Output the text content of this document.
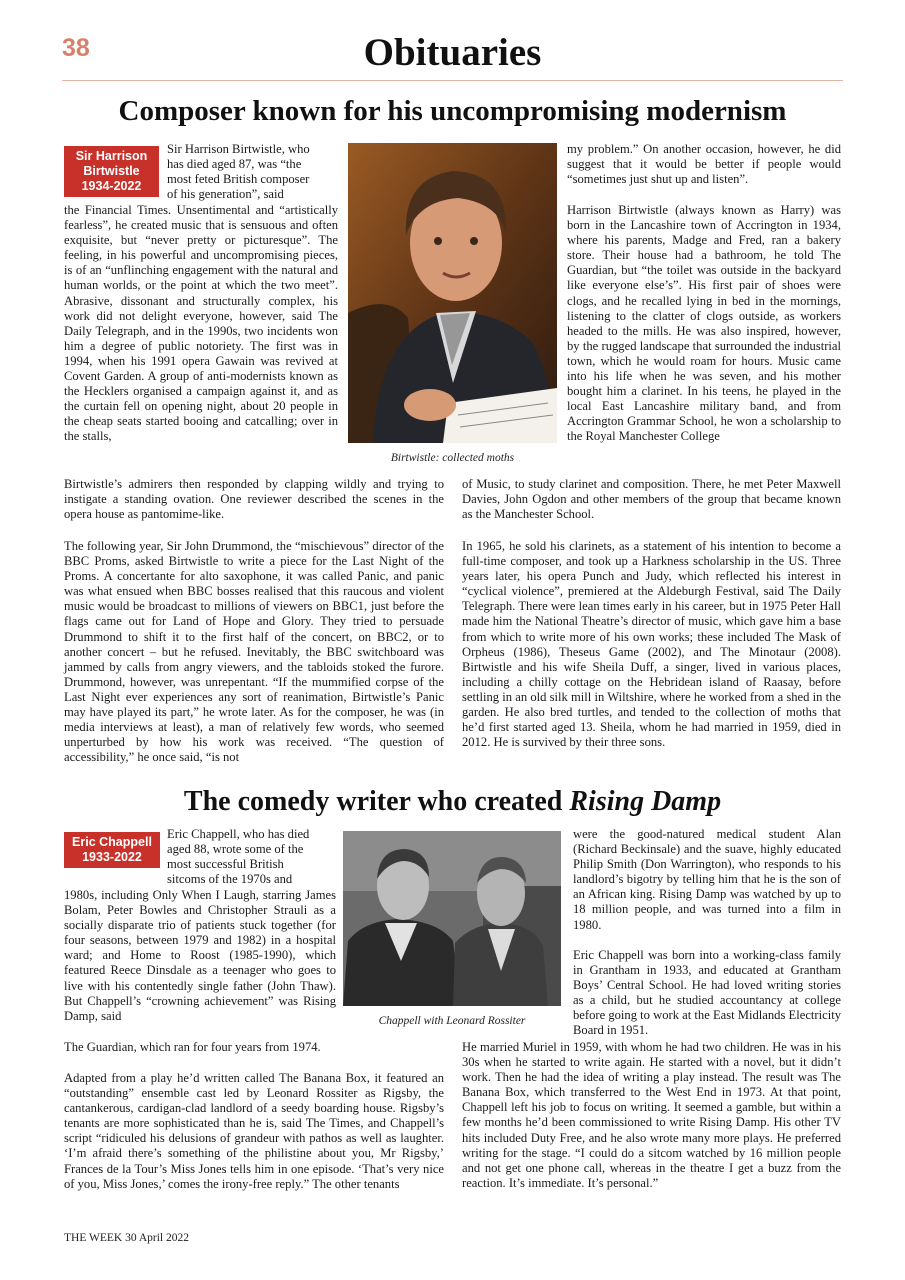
38	Obituaries
Composer known for his uncompromising modernism
Sir Harrison
Birtwistle
1934-2022
Sir Harrison Birtwistle, who
has died aged 87, was “the
most feted British composer
of his generation”, said
the Financial Times. Unsentimental and “artistically fearless”, he created music that is sensuous and often exquisite, but “never pretty or picturesque”. The feeling, in his powerful and uncompromising pieces, is of an “unflinching engagement with the natural and human worlds, or the point at which the two meet”. Abrasive, dissonant and structurally complex, his work did not delight everyone, however, said The Daily Telegraph, and in the 1990s, two incidents won him a degree of public notoriety. The first was in 1994, when his 1991 opera Gawain was revived at Covent Garden. A group of anti-modernists known as the Hecklers organised a campaign against it, and as the curtain fell on opening night, about 20 people in the cheap seats started booing and catcalling; over in the stalls,
Birtwistle’s admirers then responded by clapping wildly and trying to instigate a standing ovation. One reviewer described the scenes in the opera house as pantomime-like.
The following year, Sir John Drummond, the “mischievous” director of the BBC Proms, asked Birtwistle to write a piece for the Last Night of the Proms. A concertante for alto saxophone, it was called Panic, and panic was what ensued when BBC bosses realised that this raucous and violent music would be broadcast to millions of viewers on BBC1, just before the flags came out for Land of Hope and Glory. They tried to persuade Drummond to shift it to the first half of the concert, on BBC2, or to another concert – but he refused. Inevitably, the BBC switchboard was jammed by calls from angry viewers, and the tabloids stoked the furore. Drummond, however, was unrepentant. “If the mummified corpse of the Last Night ever experiences any sort of reanimation, Birtwistle’s Panic may have played its part,” he wrote later. As for the composer, he was (in media interviews at least), a man of relatively few words, who seemed unperturbed by how his work was received. “The question of accessibility,” he once said, “is not
Birtwistle: collected moths
my problem.” On another occasion, however, he did suggest that it would be better if people would “sometimes just shut up and listen”.
Harrison Birtwistle (always known as Harry) was born in the Lancashire town of Accrington in 1934, where his parents, Madge and Fred, ran a bakery store. Their house had a bathroom, he told The Guardian, but “the toilet was outside in the backyard like everyone else’s”. His first pair of shoes were clogs, and he recalled lying in bed in the mornings, listening to the clatter of clogs outside, as workers headed to the mills. He was also inspired, however, by the rugged landscape that surrounded the industrial town, which he would roam for hours. Music came into his life when he was seven, and his mother bought him a clarinet. In his teens, he played in the local East Lancashire military band, and from Accrington Grammar School, he won a scholarship to the Royal Manchester College
of Music, to study clarinet and composition. There, he met Peter Maxwell Davies, John Ogdon and other members of the group that became known as the Manchester School.
In 1965, he sold his clarinets, as a statement of his intention to become a full-time composer, and took up a Harkness scholarship in the US. Three years later, his opera Punch and Judy, which reflected his interest in “cyclical violence”, premiered at the Aldeburgh Festival, said The Daily Telegraph. There were lean times early in his career, but in 1975 Peter Hall made him the National Theatre’s director of music, which gave him a base from which to write more of his own works; these included The Mask of Orpheus (1986), Theseus Game (2002), and The Minotaur (2008). Birtwistle and his wife Sheila Duff, a singer, lived in various places, including a chilly cottage on the Hebridean island of Raasay, before settling in an old silk mill in Wiltshire, where he worked from a shed in the garden. He also bred turtles, and tended to the collection of moths that he’d first started aged 13. Sheila, whom he had married in 1959, died in 2012. He is survived by their three sons.
The comedy writer who created Rising Damp
Eric Chappell
1933-2022
Eric Chappell, who has died
aged 88, wrote some of the
most successful British
sitcoms of the 1970s and
1980s, including Only When I Laugh, starring James Bolam, Peter Bowles and Christopher Strauli as a socially disparate trio of patients stuck together (for four seasons, between 1979 and 1982) in a hospital ward; and Home to Roost (1985-1990), which featured Reece Dinsdale as a teenager who goes to live with his contentedly single father (John Thaw). But Chappell’s “crowning achievement” was Rising Damp, said
The Guardian, which ran for four years from 1974.
Adapted from a play he’d written called The Banana Box, it featured an “outstanding” ensemble cast led by Leonard Rossiter as Rigsby, the cantankerous, cardigan-clad landlord of a seedy boarding house. Rigsby’s tenants are more sophisticated than he is, said The Times, and Chappell’s script “ridiculed his delusions of grandeur with pathos as well as laughter. ‘I’m afraid there’s something of the philistine about you, Mr Rigsby,’ Frances de la Tour’s Miss Jones tells him in one episode. ‘That’s very nice of you, Miss Jones,’ comes the irony-free reply.” The other tenants
Chappell with Leonard Rossiter
were the good-natured medical student Alan (Richard Beckinsale) and the suave, highly educated Philip Smith (Don Warrington), who responds to his landlord’s bigotry by telling him that he is the son of an African king. Rising Damp was watched by up to 18 million people, and was turned into a film in 1980.
Eric Chappell was born into a working-class family in Grantham in 1933, and educated at Grantham Boys’ Central School. He had loved writing stories as a child, but he studied accountancy at college before going to work at the East Midlands Electricity Board in 1951.
He married Muriel in 1959, with whom he had two children. He was in his 30s when he started to write again. He started with a novel, but it didn’t work. Then he had the idea of writing a play instead. The result was The Banana Box, which transferred to the West End in 1973. At that point, Chappell left his job to focus on writing. It seemed a gamble, but within a few months he’d been commissioned to write Rising Damp. His other TV hits included Duty Free, and he also wrote many more plays. He preferred writing for the stage. “I could do a sitcom watched by 16 million people and not get one phone call, whereas in the theatre I get a buzz from the reaction. It’s immediate. It’s personal.”
THE WEEK 30 April 2022
